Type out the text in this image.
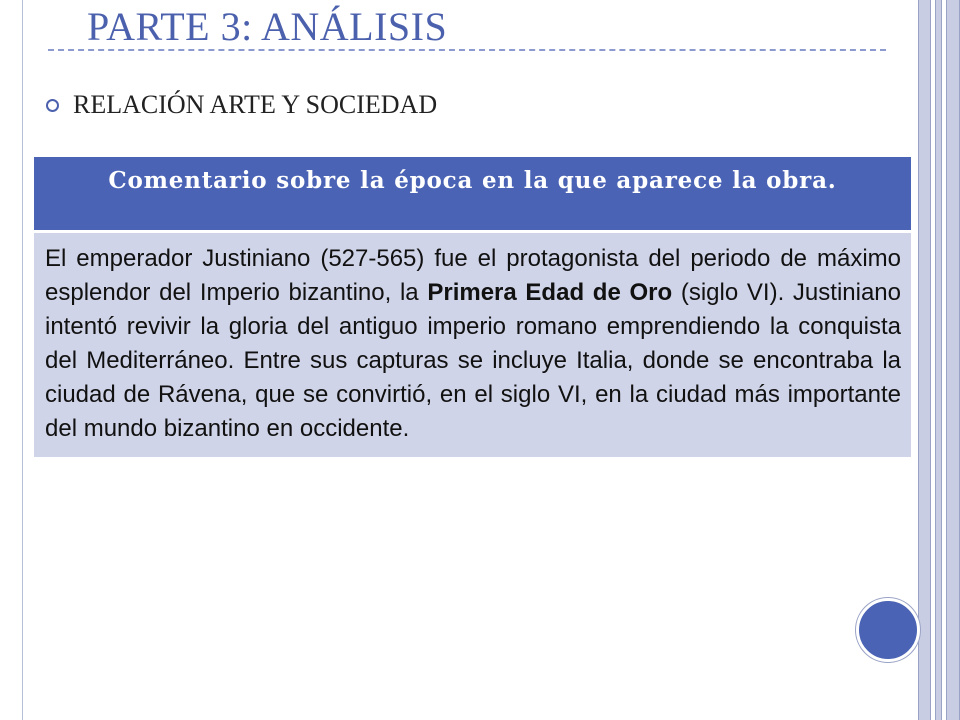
PARTE 3: ANÁLISIS
RELACIÓN ARTE Y SOCIEDAD
Comentario sobre la época en la que aparece la obra.
El emperador Justiniano (527-565) fue el protagonista del periodo de máximo esplendor del Imperio bizantino, la Primera Edad de Oro (siglo VI). Justiniano intentó revivir la gloria del antiguo imperio romano emprendiendo la conquista del Mediterráneo. Entre sus capturas se incluye Italia, donde se encontraba la ciudad de Rávena, que se convirtió, en el siglo VI, en la ciudad más importante del mundo bizantino en occidente.
